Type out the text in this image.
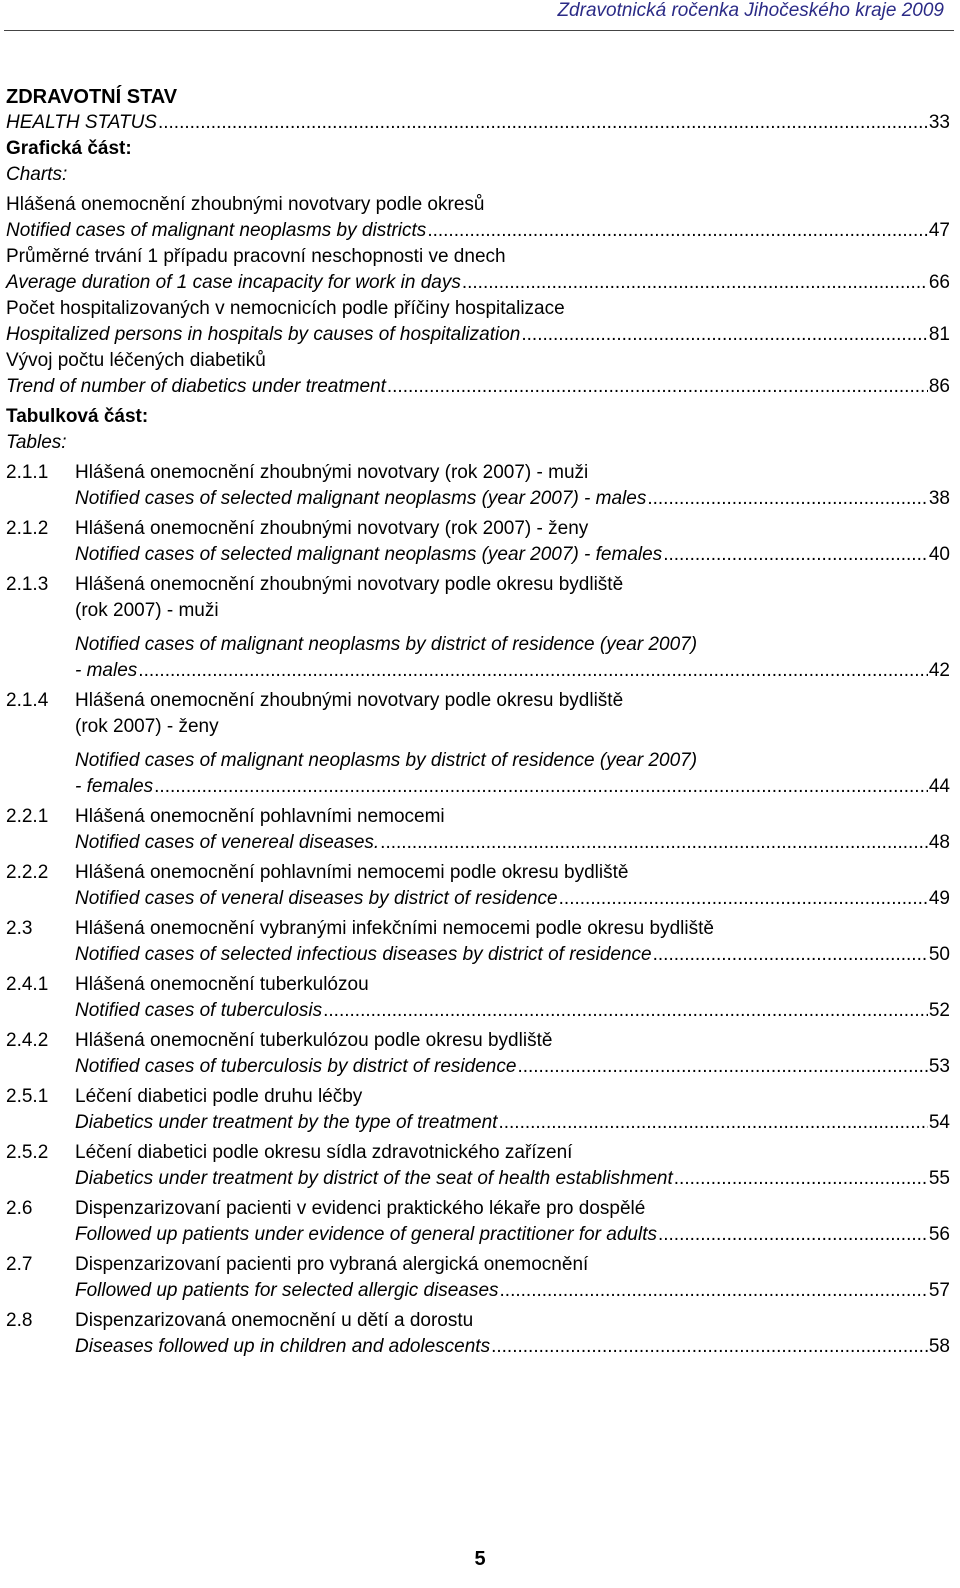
Zdravotnická ročenka Jihočeského kraje 2009
ZDRAVOTNÍ STAV
HEALTH STATUS .....	33
Grafická část:
Charts:
Hlášená onemocnění zhoubnými novotvary podle okresů
Notified cases of malignant neoplasms by districts .....	47
Průměrné trvání 1 případu pracovní neschopnosti ve dnech
Average duration of 1 case incapacity for work in days .....	66
Počet hospitalizovaných v nemocnicích podle příčiny hospitalizace
Hospitalized persons in hospitals by causes of hospitalization .....	81
Vývoj počtu léčených diabetiků
Trend of number of diabetics under treatment .....	86
Tabulková část:
Tables:
2.1.1	Hlášená onemocnění zhoubnými novotvary (rok 2007) - muži
Notified cases of selected malignant neoplasms (year 2007) - males .....	38
2.1.2	Hlášená onemocnění zhoubnými novotvary (rok 2007) - ženy
Notified cases of selected malignant neoplasms (year 2007) - females .....	40
2.1.3	Hlášená onemocnění zhoubnými novotvary podle okresu bydliště
(rok 2007) - muži
Notified cases of malignant neoplasms by district of residence (year 2007)
- males .....	42
2.1.4	Hlášená onemocnění zhoubnými novotvary podle okresu bydliště
(rok 2007) - ženy
Notified cases of malignant neoplasms by district of residence (year 2007)
- females .....	44
2.2.1	Hlášená onemocnění pohlavními nemocemi
Notified cases of venereal diseases. .....	48
2.2.2	Hlášená onemocnění pohlavními nemocemi podle okresu bydliště
Notified cases of veneral diseases by district of residence .....	49
2.3	Hlášená onemocnění vybranými infekčními nemocemi podle okresu bydliště
Notified cases of selected infectious diseases by district of residence .....	50
2.4.1	Hlášená onemocnění tuberkulózou
Notified cases of tuberculosis .....	52
2.4.2	Hlášená onemocnění tuberkulózou podle okresu bydliště
Notified cases of tuberculosis by district of residence .....	53
2.5.1	Léčení diabetici podle druhu léčby
Diabetics under treatment by the type of treatment .....	54
2.5.2	Léčení diabetici podle okresu sídla zdravotnického zařízení
Diabetics under treatment by district of the seat of health establishment .....	55
2.6	Dispenzarizovaní pacienti v evidenci praktického lékaře pro dospělé
Followed up patients under evidence of general practitioner for adults .....	56
2.7	Dispenzarizovaní pacienti pro vybraná alergická onemocnění
Followed up patients for selected allergic diseases .....	57
2.8	Dispenzarizovaná onemocnění u dětí a dorostu
Diseases followed up in children and adolescents .....	58
5
